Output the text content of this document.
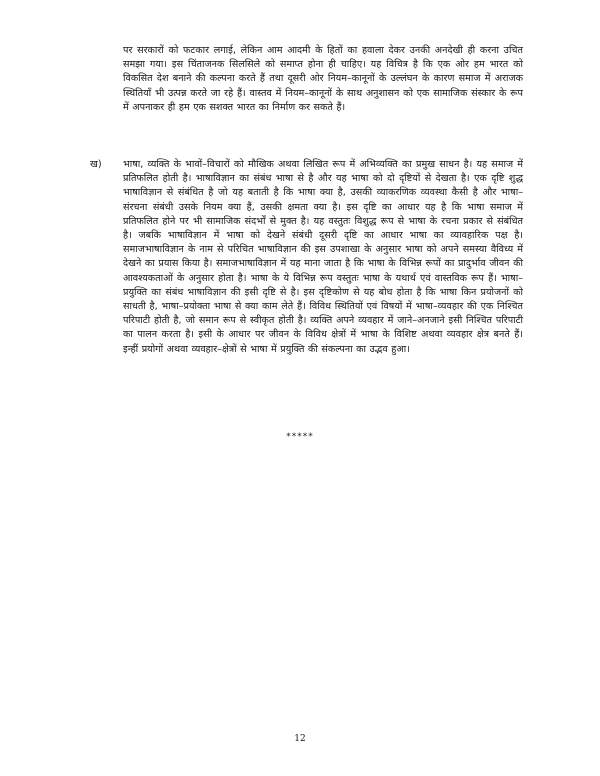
पर सरकारों को फटकार लगाई, लेकिन आम आदमी के हितों का हवाला देकर उनकी अनदेखी ही करना उचित समझा गया। इस चिंताजनक सिलसिले को समाप्त होना ही चाहिए। यह विचित्र है कि एक ओर हम भारत को विकसित देश बनाने की कल्पना करते हैं तथा दूसरी ओर नियम–कानूनों के उल्लंघन के कारण समाज में अराजक स्थितियाँ भी उत्पन्न करते जा रहे हैं। वास्तव में नियम–कानूनों के साथ अनुशासन को एक सामाजिक संस्कार के रूप में अपनाकर ही हम एक सशक्त भारत का निर्माण कर सकते हैं।
ख) भाषा, व्यक्ति के भावों–विचारों को मौखिक अथवा लिखित रूप में अभिव्यक्ति का प्रमुख साधन है। यह समाज में प्रतिफलित होती है। भाषाविज्ञान का संबंध भाषा से है और यह भाषा को दो दृष्टियों से देखता है। एक दृष्टि शुद्ध भाषाविज्ञान से संबंधित है जो यह बताती है कि भाषा क्या है, उसकी व्याकरणिक व्यवस्था कैसी है और भाषा–संरचना संबंधी उसके नियम क्या हैं, उसकी क्षमता क्या है। इस दृष्टि का आधार यह है कि भाषा समाज में प्रतिफलित होने पर भी सामाजिक संदर्भों से मुक्त है। यह वस्तुतः विशुद्ध रूप से भाषा के रचना प्रकार से संबंधित है। जबकि भाषाविज्ञान में भाषा को देखने संबंधी दूसरी दृष्टि का आधार भाषा का व्यावहारिक पक्ष है। समाजभाषाविज्ञान के नाम से परिचित भाषाविज्ञान की इस उपशाखा के अनुसार भाषा को अपने समस्या वैविध्य में देखने का प्रयास किया है। समाजभाषाविज्ञान में यह माना जाता है कि भाषा के विभिन्न रूपों का प्रादुर्भाव जीवन की आवश्यकताओं के अनुसार होता है। भाषा के ये विभिन्न रूप वस्तुतः भाषा के यथार्थ एवं वास्तविक रूप हैं। भाषा–प्रयुक्ति का संबंध भाषाविज्ञान की इसी दृष्टि से है। इस दृष्टिकोण से यह बोध होता है कि भाषा किन प्रयोजनों को साधती है, भाषा–प्रयोक्ता भाषा से क्या काम लेते हैं। विविध स्थितियों एवं विषयों में भाषा–व्यवहार की एक निश्चित परिपाटी होती है, जो समान रूप से स्वीकृत होती है। व्यक्ति अपने व्यवहार में जाने–अनजाने इसी निश्चित परिपाटी का पालन करता है। इसी के आधार पर जीवन के विविध क्षेत्रों में भाषा के विशिष्ट अथवा व्यवहार क्षेत्र बनते हैं। इन्हीं प्रयोगों अथवा व्यवहार–क्षेत्रों से भाषा में प्रयुक्ति की संकल्पना का उद्भव हुआ।
*****
12
